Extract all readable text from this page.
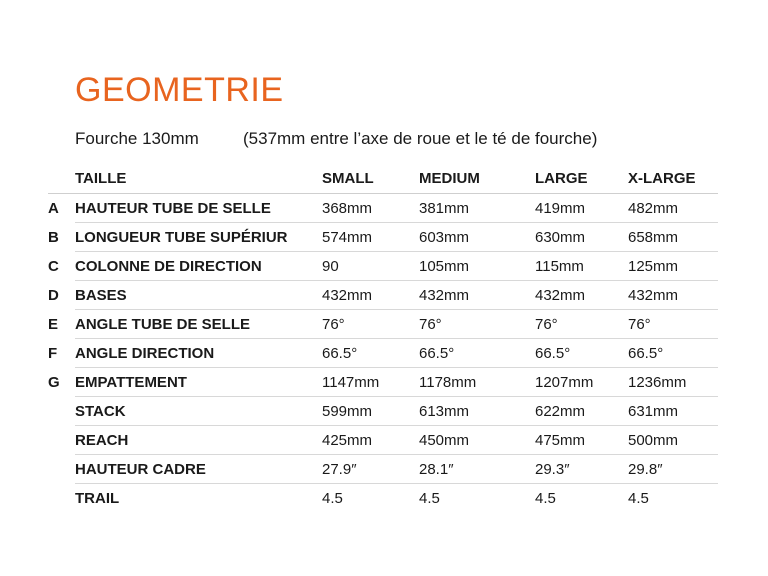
GEOMETRIE
Fourche 130mm	(537mm entre l’axe de roue et le té de fourche)
	TAILLE	SMALL	MEDIUM	LARGE	X-LARGE
A	HAUTEUR TUBE DE SELLE	368mm	381mm	419mm	482mm
B	LONGUEUR TUBE SUPÉRIUR	574mm	603mm	630mm	658mm
C	COLONNE DE DIRECTION	90	105mm	115mm	125mm
D	BASES	432mm	432mm	432mm	432mm
E	ANGLE TUBE DE SELLE	76°	76°	76°	76°
F	ANGLE DIRECTION	66.5°	66.5°	66.5°	66.5°
G	EMPATTEMENT	1147mm	1178mm	1207mm	1236mm
	STACK	599mm	613mm	622mm	631mm
	REACH	425mm	450mm	475mm	500mm
	HAUTEUR CADRE	27.9″	28.1″	29.3″	29.8″
	TRAIL	4.5	4.5	4.5	4.5
